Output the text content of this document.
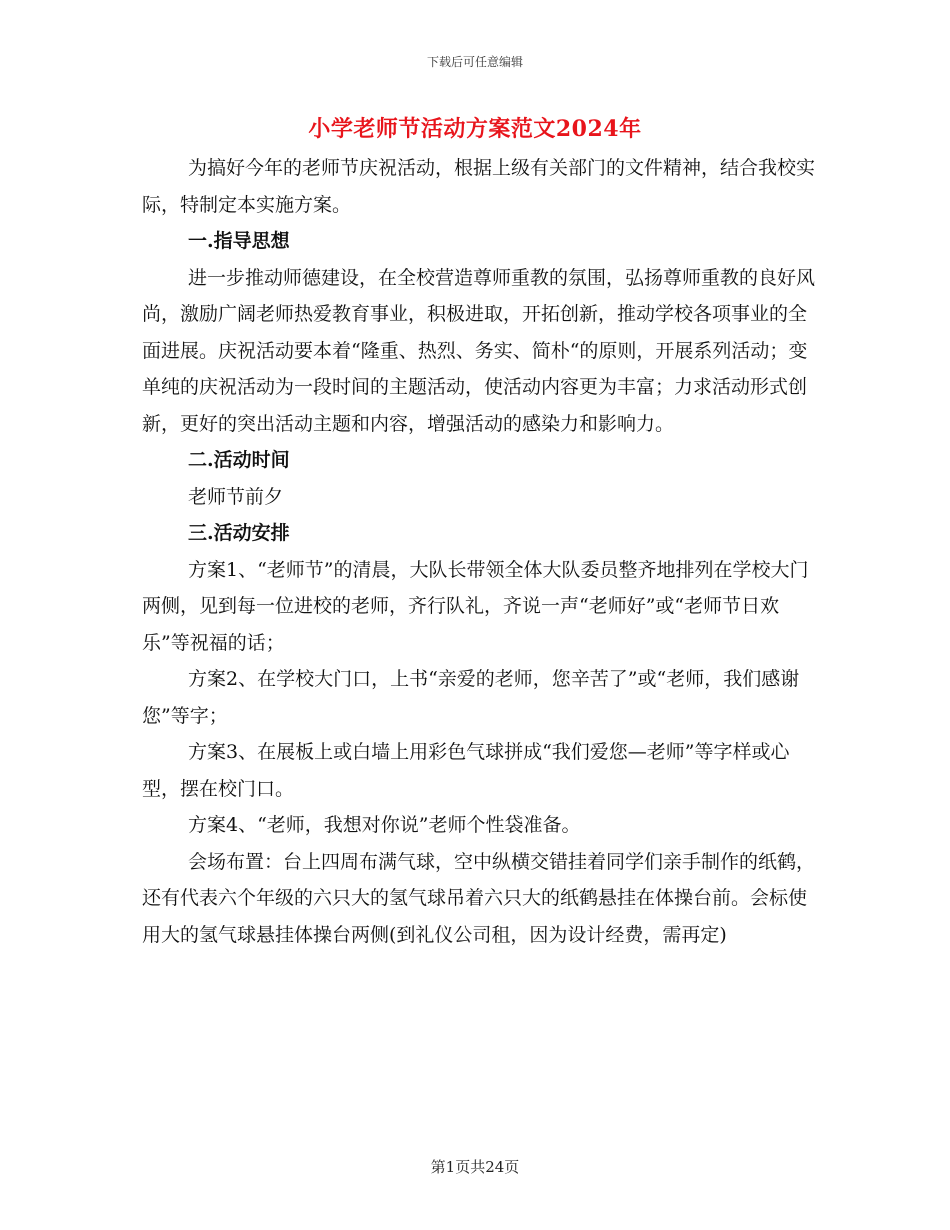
下载后可任意编辑
小学老师节活动方案范文2024年

为搞好今年的老师节庆祝活动，根据上级有关部门的文件精神，结合我校实际，特制定本实施方案。

一.指导思想

进一步推动师德建设，在全校营造尊师重教的氛围，弘扬尊师重教的良好风尚，激励广阔老师热爱教育事业，积极进取，开拓创新，推动学校各项事业的全面进展。庆祝活动要本着“隆重、热烈、务实、简朴“的原则，开展系列活动；变单纯的庆祝活动为一段时间的主题活动，使活动内容更为丰富；力求活动形式创新，更好的突出活动主题和内容，增强活动的感染力和影响力。

二.活动时间

老师节前夕

三.活动安排

方案1、“老师节”的清晨，大队长带领全体大队委员整齐地排列在学校大门两侧，见到每一位进校的老师，齐行队礼，齐说一声“老师好”或“老师节日欢乐”等祝福的话；

方案2、在学校大门口，上书“亲爱的老师，您辛苦了”或“老师，我们感谢您”等字；

方案3、在展板上或白墙上用彩色气球拼成“我们爱您—老师”等字样或心型，摆在校门口。

方案4、“老师，我想对你说”老师个性袋准备。

会场布置：台上四周布满气球，空中纵横交错挂着同学们亲手制作的纸鹤，还有代表六个年级的六只大的氢气球吊着六只大的纸鹤悬挂在体操台前。会标使用大的氢气球悬挂体操台两侧(到礼仪公司租，因为设计经费，需再定)

第1页共24页
